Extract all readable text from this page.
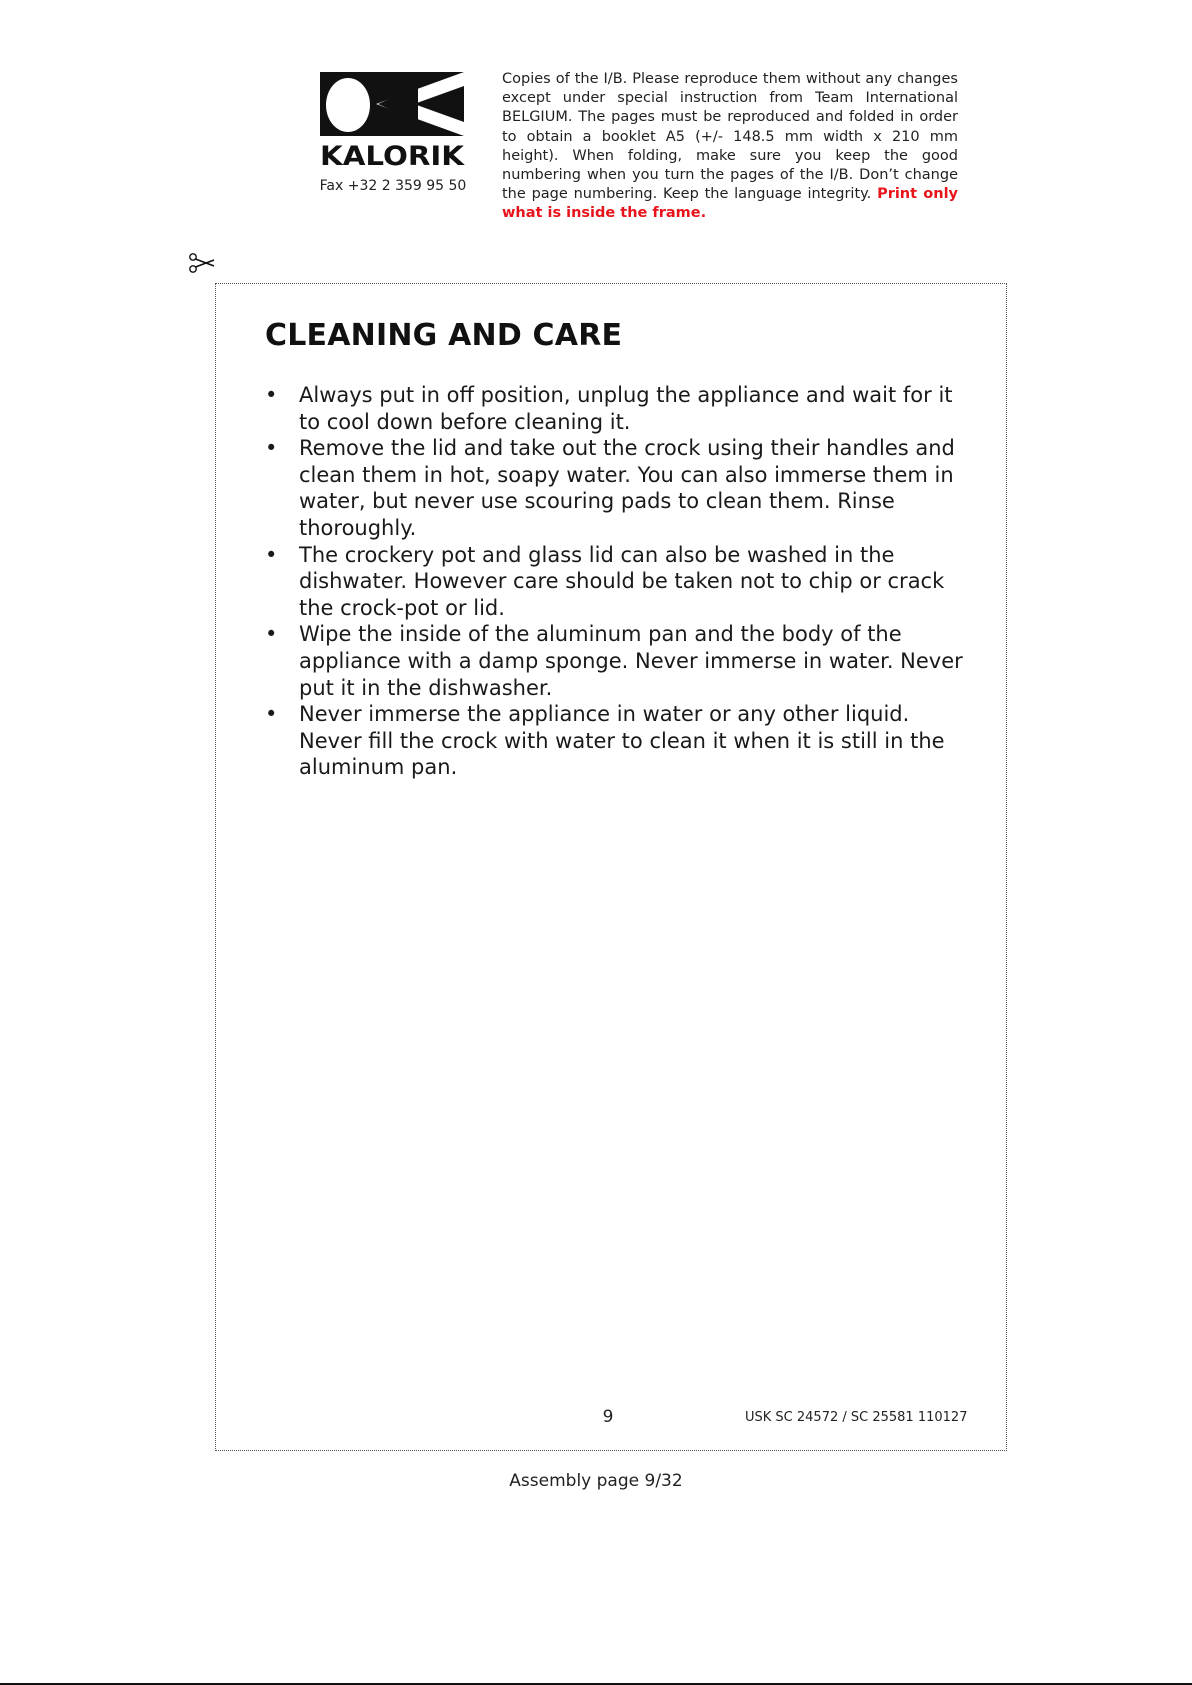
KALORIK
Fax +32 2 359 95 50
Copies of the I/B. Please reproduce them without any changes except under special instruction from Team International BELGIUM. The pages must be reproduced and folded in order to obtain a booklet A5 (+/- 148.5 mm width x 210 mm height). When folding, make sure you keep the good numbering when you turn the pages of the I/B. Don’t change the page numbering. Keep the language integrity. Print only what is inside the frame.
CLEANING AND CARE
• Always put in off position, unplug the appliance and wait for it to cool down before cleaning it.
• Remove the lid and take out the crock using their handles and clean them in hot, soapy water. You can also immerse them in water, but never use scouring pads to clean them. Rinse thoroughly.
• The crockery pot and glass lid can also be washed in the dishwater. However care should be taken not to chip or crack the crock-pot or lid.
• Wipe the inside of the aluminum pan and the body of the appliance with a damp sponge. Never immerse in water. Never put it in the dishwasher.
• Never immerse the appliance in water or any other liquid. Never fill the crock with water to clean it when it is still in the aluminum pan.
9	USK SC 24572 / SC 25581 110127
Assembly page 9/32
